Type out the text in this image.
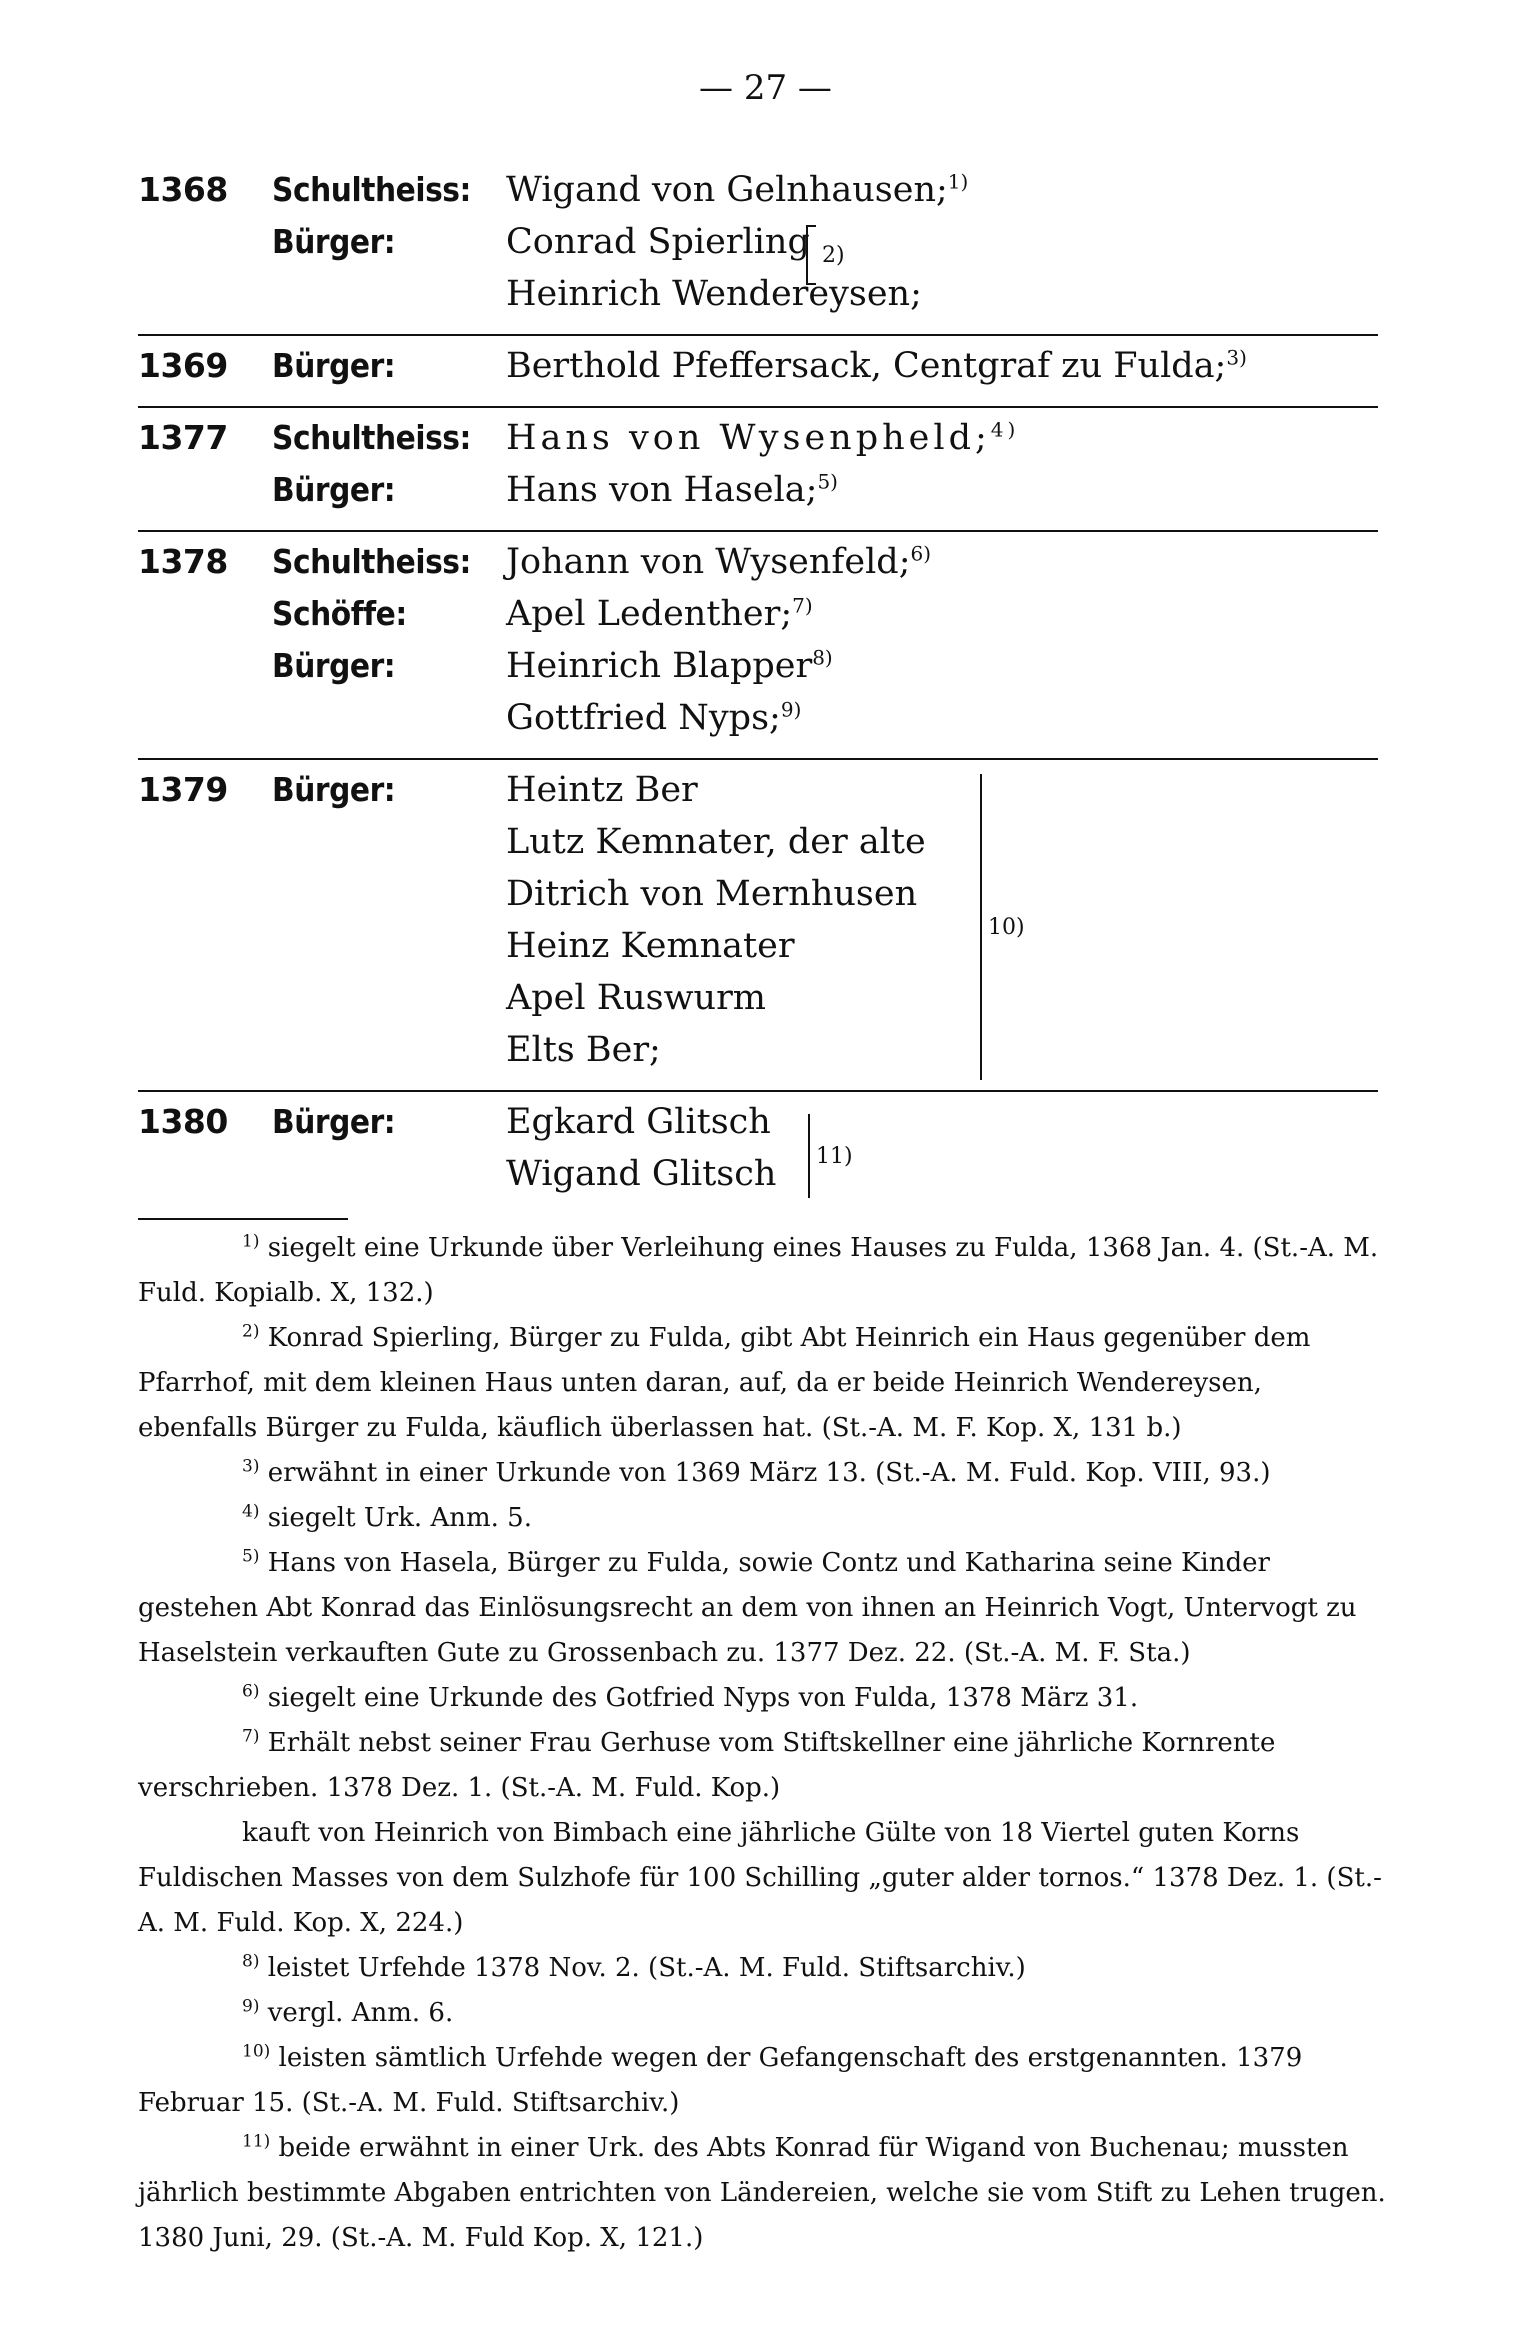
— 27 —
1368	Schultheiss:	Wigand von Gelnhausen;$^{1)}$
Bürger:	Conrad Spierling
Heinrich Wendereysen;
2)
1369	Bürger:	Berthold Pfeffersack, Centgraf zu Fulda;$^{3)}$
1377	Schultheiss:	Hans von Wysenpheld;$^{4)}$
Bürger:	Hans von Hasela;$^{5)}$
1378	Schultheiss:	Johann von Wysenfeld;$^{6)}$
Schöffe:	Apel Ledenther;$^{7)}$
Bürger:	Heinrich Blapper$^{8)}$
Gottfried Nyps;$^{9)}$
1379	Bürger:	Heintz Ber
Lutz Kemnater, der alte
Ditrich von Mernhusen
Heinz Kemnater
Apel Ruswurm
Elts Ber;
10)
1380	Bürger:	Egkard Glitsch
Wigand Glitsch 11)

$^{1)}$ siegelt eine Urkunde über Verleihung eines Hauses zu Fulda, 1368 Jan. 4. (St.-A. M. Fuld. Kopialb. X, 132.)

$^{2)}$ Konrad Spierling, Bürger zu Fulda, gibt Abt Heinrich ein Haus gegenüber dem Pfarrhof, mit dem kleinen Haus unten daran, auf, da er beide Heinrich Wendereysen, ebenfalls Bürger zu Fulda, käuflich überlassen hat. (St.-A. M. F. Kop. X, 131 b.)

$^{3)}$ erwähnt in einer Urkunde von 1369 März 13. (St.-A. M. Fuld. Kop. VIII, 93.)

$^{4)}$ siegelt Urk. Anm. 5.

$^{5)}$ Hans von Hasela, Bürger zu Fulda, sowie Contz und Katharina seine Kinder gestehen Abt Konrad das Einlösungsrecht an dem von ihnen an Heinrich Vogt, Untervogt zu Haselstein verkauften Gute zu Grossenbach zu. 1377 Dez. 22. (St.-A. M. F. Sta.)

$^{6)}$ siegelt eine Urkunde des Gotfried Nyps von Fulda, 1378 März 31.

$^{7)}$ Erhält nebst seiner Frau Gerhuse vom Stiftskellner eine jährliche Kornrente verschrieben. 1378 Dez. 1. (St.-A. M. Fuld. Kop.)

kauft von Heinrich von Bimbach eine jährliche Gülte von 18 Viertel guten Korns Fuldischen Masses von dem Sulzhofe für 100 Schilling „guter alder tornos.“ 1378 Dez. 1. (St.-A. M. Fuld. Kop. X, 224.)

$^{8)}$ leistet Urfehde 1378 Nov. 2. (St.-A. M. Fuld. Stiftsarchiv.)

$^{9)}$ vergl. Anm. 6.

$^{10)}$ leisten sämtlich Urfehde wegen der Gefangenschaft des erstgenannten. 1379 Februar 15. (St.-A. M. Fuld. Stiftsarchiv.)

$^{11)}$ beide erwähnt in einer Urk. des Abts Konrad für Wigand von Buchenau; mussten jährlich bestimmte Abgaben entrichten von Ländereien, welche sie vom Stift zu Lehen trugen. 1380 Juni, 29. (St.-A. M. Fuld Kop. X, 121.)
